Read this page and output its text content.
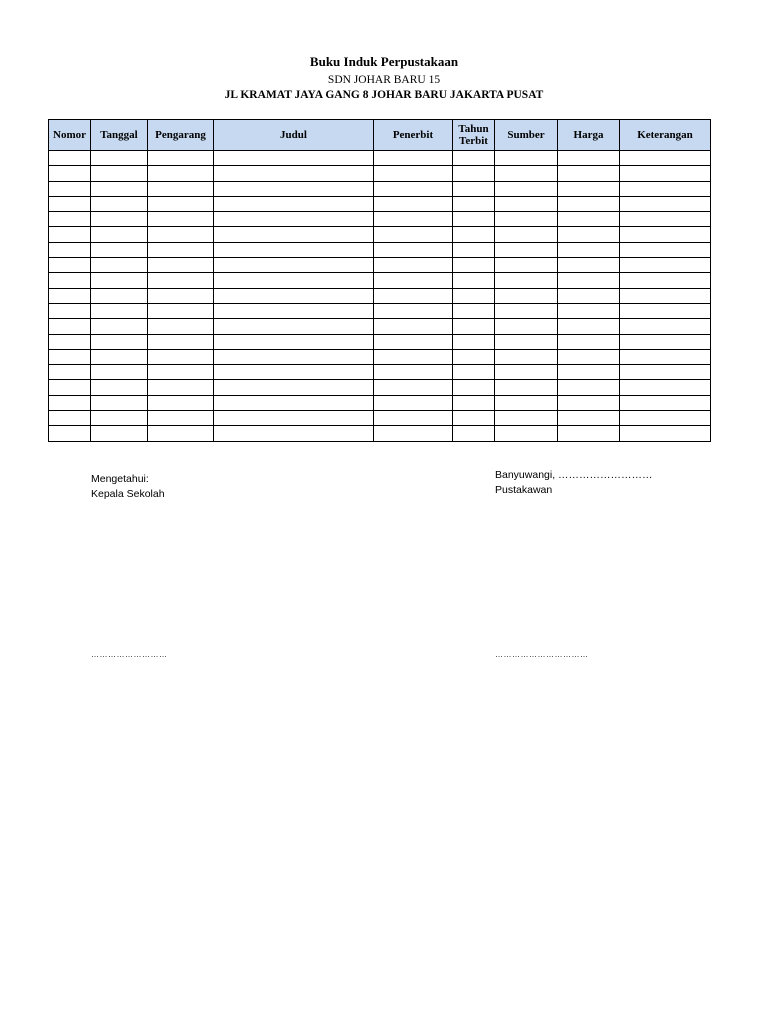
Buku Induk Perpustakaan
SDN JOHAR BARU 15
JL KRAMAT JAYA GANG 8 JOHAR BARU JAKARTA PUSAT
Nomor	Tanggal	Pengarang	Judul	Penerbit	Tahun Terbit	Sumber	Harga	Keterangan

Mengetahui:
Kepala Sekolah
Banyuwangi, ………………………
Pustakawan
………………………	……………………………
